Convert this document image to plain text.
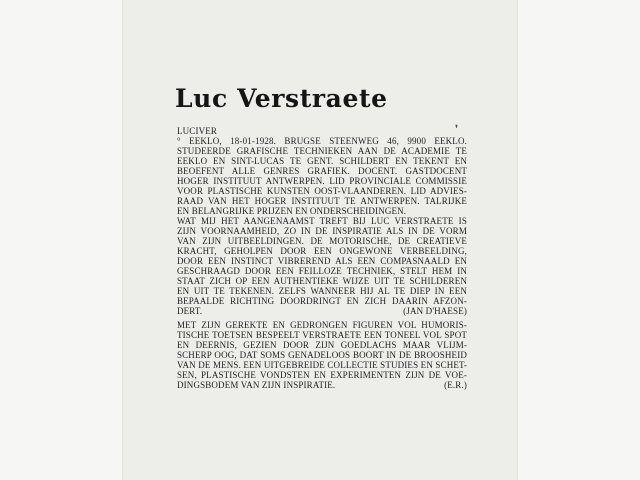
Luc Verstraete
❜
LUCIVER
° EEKLO, 18-01-1928. BRUGSE STEENWEG 46, 9900 EEKLO.
STUDEERDE GRAFISCHE TECHNIEKEN AAN DE ACADEMIE TE
EEKLO EN SINT-LUCAS TE GENT. SCHILDERT EN TEKENT EN
BEOEFENT ALLE GENRES GRAFIEK. DOCENT. GASTDOCENT
HOGER INSTITUUT ANTWERPEN. LID PROVINCIALE COMMISSIE
VOOR PLASTISCHE KUNSTEN OOST-VLAANDEREN. LID ADVIES-
RAAD VAN HET HOGER INSTITUUT TE ANTWERPEN. TALRIJKE
EN BELANGRIJKE PRIJZEN EN ONDERSCHEIDINGEN.
WAT MIJ HET AANGENAAMST TREFT BIJ LUC VERSTRAETE IS
ZIJN VOORNAAMHEID, ZO IN DE INSPIRATIE ALS IN DE VORM
VAN ZIJN UITBEELDINGEN. DE MOTORISCHE, DE CREATIEVE
KRACHT, GEHOLPEN DOOR EEN ONGEWONE VERBEELDING,
DOOR EEN INSTINCT VIBREREND ALS EEN COMPASNAALD EN
GESCHRAAGD DOOR EEN FEILLOZE TECHNIEK, STELT HEM IN
STAAT ZICH OP EEN AUTHENTIEKE WIJZE UIT TE SCHILDEREN
EN UIT TE TEKENEN. ZELFS WANNEER HIJ AL TE DIEP IN EEN
BEPAALDE RICHTING DOORDRINGT EN ZICH DAARIN AFZON-
DERT.	(JAN D'HAESE)
MET ZIJN GEREKTE EN GEDRONGEN FIGUREN VOL HUMORIS-
TISCHE TOETSEN BESPEELT VERSTRAETE EEN TONEEL VOL SPOT
EN DEERNIS, GEZIEN DOOR ZIJN GOEDLACHS MAAR VLIJM-
SCHERP OOG, DAT SOMS GENADELOOS BOORT IN DE BROOSHEID
VAN DE MENS. EEN UITGEBREIDE COLLECTIE STUDIES EN SCHET-
SEN, PLASTISCHE VONDSTEN EN EXPERIMENTEN ZIJN DE VOE-
DINGSBODEM VAN ZIJN INSPIRATIE.	(E.R.)
